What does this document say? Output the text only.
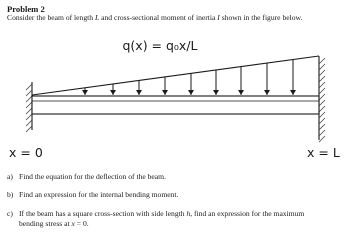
Problem 2
Consider the beam of length L and cross-sectional moment of inertia I shown in the figure below.
q(x) = q₀x/L
x = 0	x = L
a) Find the equation for the deflection of the beam.
b) Find an expression for the internal bending moment.
c) If the beam has a square cross-section with side length h, find an expression for the maximum
bending stress at x = 0.
